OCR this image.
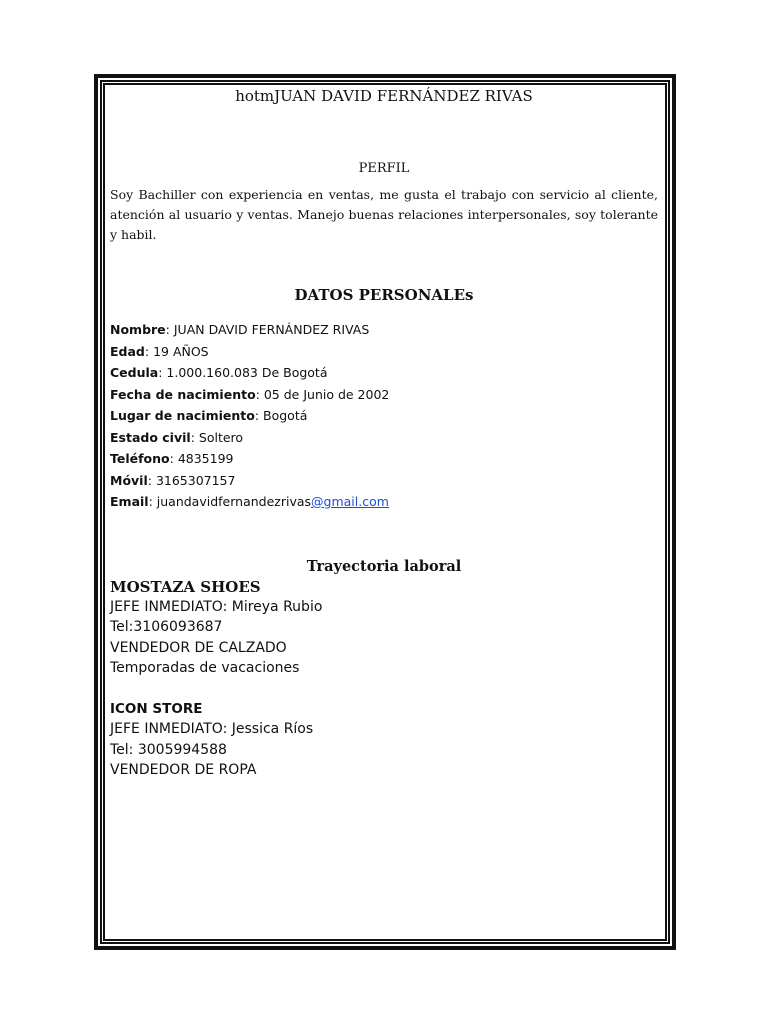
hotmJUAN DAVID FERNÁNDEZ RIVAS
PERFIL
Soy Bachiller con experiencia en ventas, me gusta el trabajo con servicio al cliente, atención al usuario y ventas. Manejo buenas relaciones interpersonales, soy tolerante y habil.
DATOS PERSONALEs
Nombre: JUAN DAVID FERNÁNDEZ RIVAS
Edad: 19 AÑOS
Cedula: 1.000.160.083 De Bogotá
Fecha de nacimiento: 05 de Junio de 2002
Lugar de nacimiento: Bogotá
Estado civil: Soltero
Teléfono: 4835199
Móvil: 3165307157
Email: juandavidfernandezrivas@gmail.com
Trayectoria laboral
MOSTAZA SHOES
JEFE INMEDIATO: Mireya Rubio
Tel:3106093687
VENDEDOR DE CALZADO
Temporadas de vacaciones
ICON STORE
JEFE INMEDIATO: Jessica Ríos
Tel: 3005994588
VENDEDOR DE ROPA
